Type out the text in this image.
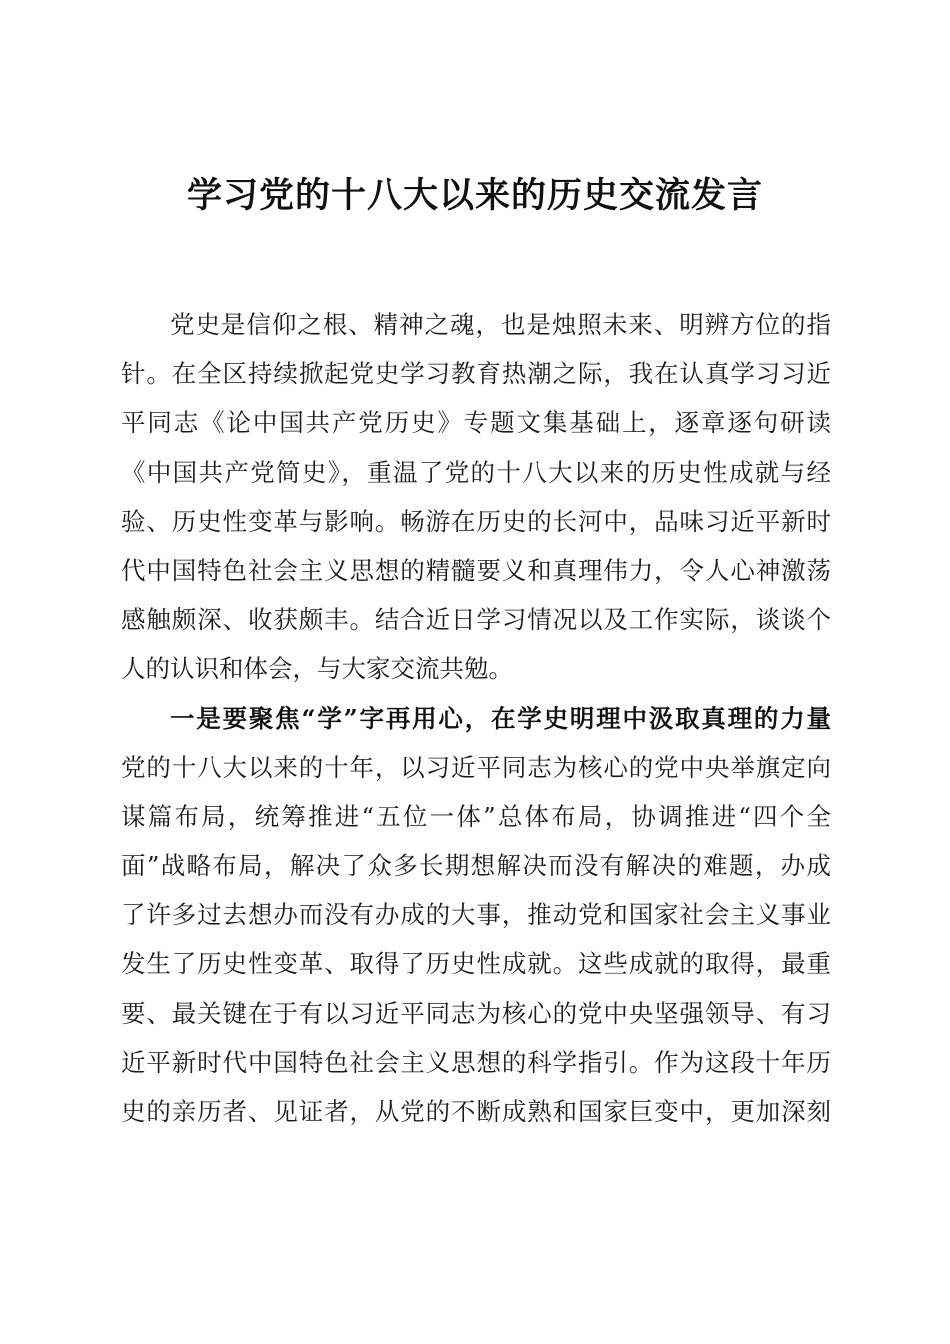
学习党的十八大以来的历史交流发言
党史是信仰之根、精神之魂，也是烛照未来、明辨方位的指
针。在全区持续掀起党史学习教育热潮之际，我在认真学习习近
平同志《论中国共产党历史》专题文集基础上，逐章逐句研读
《中国共产党简史》，重温了党的十八大以来的历史性成就与经
验、历史性变革与影响。畅游在历史的长河中，品味习近平新时
代中国特色社会主义思想的精髓要义和真理伟力，令人心神激荡
感触颇深、收获颇丰。结合近日学习情况以及工作实际，谈谈个
人的认识和体会，与大家交流共勉。
一是要聚焦“学”字再用心，在学史明理中汲取真理的力量
党的十八大以来的十年，以习近平同志为核心的党中央举旗定向
谋篇布局，统筹推进“五位一体”总体布局，协调推进“四个全
面”战略布局，解决了众多长期想解决而没有解决的难题，办成
了许多过去想办而没有办成的大事，推动党和国家社会主义事业
发生了历史性变革、取得了历史性成就。这些成就的取得，最重
要、最关键在于有以习近平同志为核心的党中央坚强领导、有习
近平新时代中国特色社会主义思想的科学指引。作为这段十年历
史的亲历者、见证者，从党的不断成熟和国家巨变中，更加深刻
